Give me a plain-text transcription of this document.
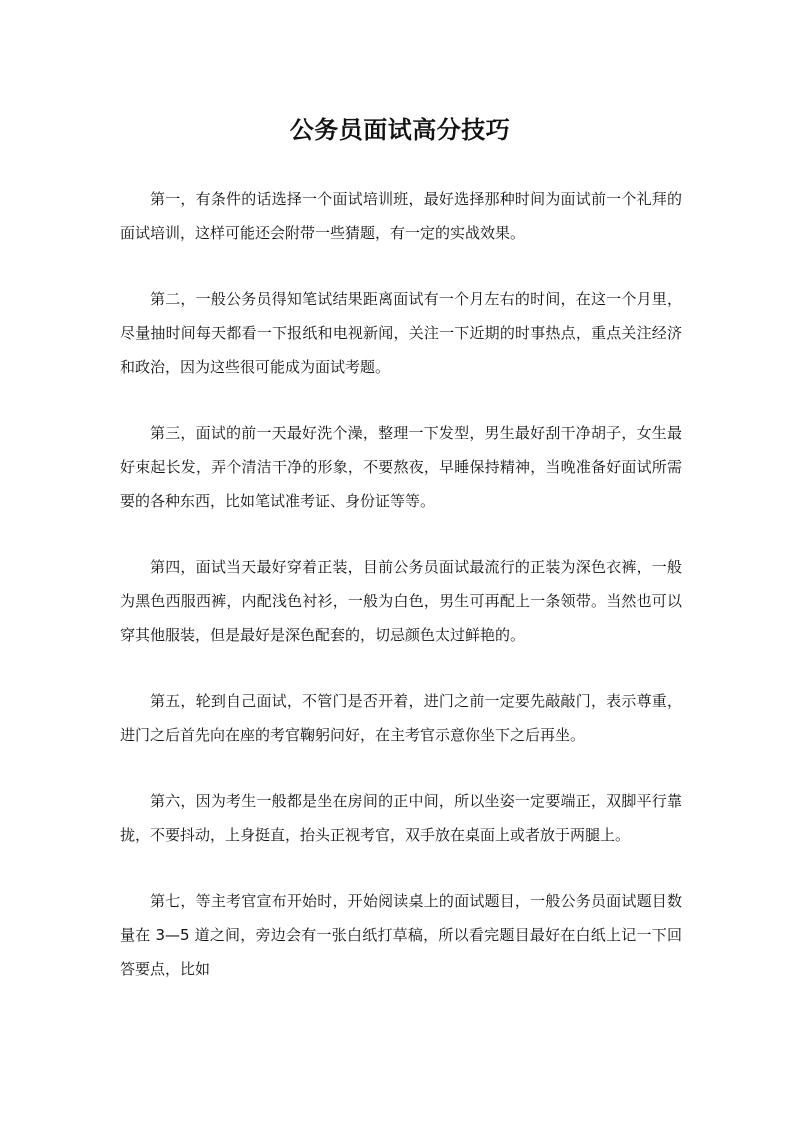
公务员面试高分技巧

第一，有条件的话选择一个面试培训班，最好选择那种时间为面试前一个礼拜的面试培训，这样可能还会附带一些猜题，有一定的实战效果。

第二，一般公务员得知笔试结果距离面试有一个月左右的时间，在这一个月里，尽量抽时间每天都看一下报纸和电视新闻，关注一下近期的时事热点，重点关注经济和政治，因为这些很可能成为面试考题。

第三，面试的前一天最好洗个澡，整理一下发型，男生最好刮干净胡子，女生最好束起长发，弄个清洁干净的形象，不要熬夜，早睡保持精神，当晚准备好面试所需要的各种东西，比如笔试准考证、身份证等等。

第四，面试当天最好穿着正装，目前公务员面试最流行的正装为深色衣裤，一般为黑色西服西裤，内配浅色衬衫，一般为白色，男生可再配上一条领带。当然也可以穿其他服装，但是最好是深色配套的，切忌颜色太过鲜艳的。

第五，轮到自己面试，不管门是否开着，进门之前一定要先敲敲门，表示尊重，进门之后首先向在座的考官鞠躬问好，在主考官示意你坐下之后再坐。

第六，因为考生一般都是坐在房间的正中间，所以坐姿一定要端正，双脚平行靠拢，不要抖动，上身挺直，抬头正视考官，双手放在桌面上或者放于两腿上。

第七，等主考官宣布开始时，开始阅读桌上的面试题目，一般公务员面试题目数量在 3—5 道之间，旁边会有一张白纸打草稿，所以看完题目最好在白纸上记一下回答要点，比如
